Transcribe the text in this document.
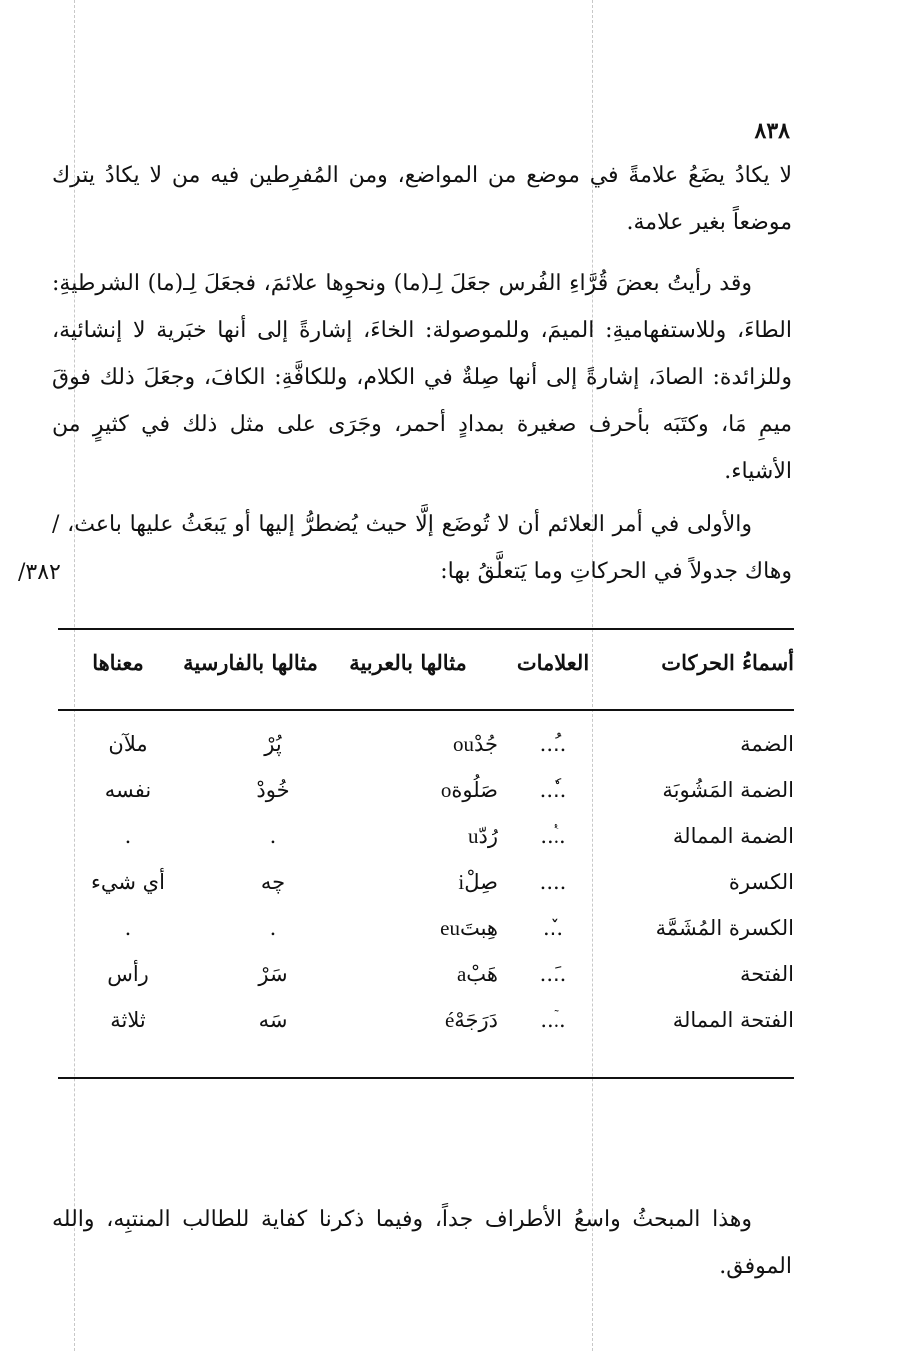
٨٣٨

لا يكادُ يضَعُ علامةً في موضع من المواضع، ومن المُفرِطين فيه من لا يكادُ يترك موضعاً بغير علامة.

وقد رأيتُ بعضَ قُرَّاءِ الفُرس جعَلَ لِـ(ما) ونحوِها علائمَ، فجعَلَ لِـ(ما) الشرطيةِ: الطاءَ، وللاستفهاميةِ: الميمَ، وللموصولة: الخاءَ، إشارةً إلى أنها خبَرية لا إنشائية، وللزائدة: الصادَ، إشارةً إلى أنها صِلةٌ في الكلام، وللكافَّةِ: الكافَ، وجعَلَ ذلك فوقَ ميمِ مَا، وكتَبَه بأحرف صغيرة بمدادٍ أحمر، وجَرَى على مثل ذلك في كثيرٍ من الأشياء.

والأولى في أمر العلائم أن لا تُوضَع إلَّا حيث يُضطرُّ إليها أو يَبعَثُ عليها باعث، / وهاك جدولاً في الحركاتِ وما يَتعلَّقُ بها:

٣٨٢/
أسماءُ الحركات
العلامات
مثالها بالعربية
مثالها بالفارسية
معناها
الضمة
...ُ.
جُدْou
پُرْ
ملآن
الضمة المَشُوبَة
...ٗ.
صَلُوةo
خُودْ
نفسه
الضمة الممالة
...ٝ.
رُدّu
.
.
الكسرة
....
صِلْi
چه
أي شيء
الكسرة المُشَمَّة
..ٚ.
هِبتَeu
.
.
الفتحة
...َ.
هَبْa
سَرْ
رأس
الفتحة الممالة
...ٙ.
دَرَجَهْé
سَه
ثلاثة

وهذا المبحثُ واسعُ الأطراف جداً، وفيما ذكرنا كفاية للطالب المنتبِه، والله الموفق.
